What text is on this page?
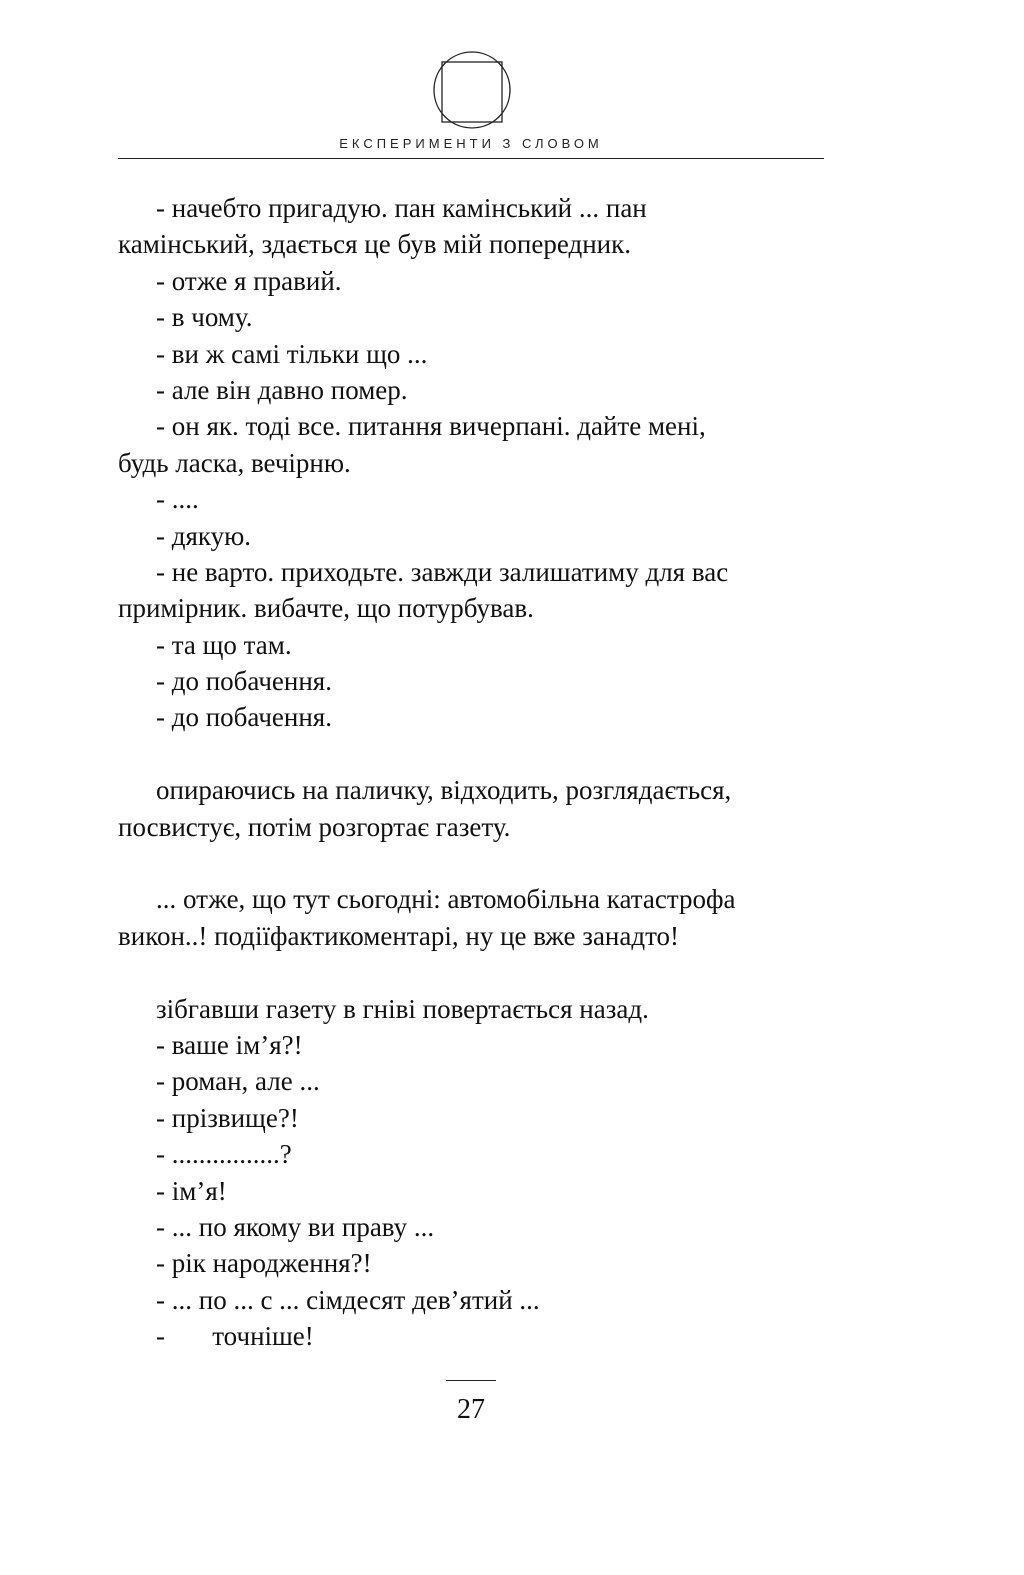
ЕКСПЕРИМЕНТИ З СЛОВОМ
- начебто пригадую. пан камінський ... пан
камінський, здається це був мій попередник.
- отже я правий.
- в чому.
- ви ж самі тільки що ...
- але він давно помер.
- он як. тоді все. питання вичерпані. дайте мені,
будь ласка, вечірню.
- ....
- дякую.
- не варто. приходьте. завжди залишатиму для вас
примірник. вибачте, що потурбував.
- та що там.
- до побачення.
- до побачення.
опираючись на паличку, відходить, розглядається,
посвистує, потім розгортає газету.
... отже, що тут сьогодні: автомобільна катастрофа
викон..! подіїфактикоментарі, ну це вже занадто!
зібгавши газету в гніві повертається назад.
- ваше ім’я?!
- роман, але ...
- прізвище?!
- ................?
- ім’я!
- ... по якому ви праву ...
- рік народження?!
- ... по ... с ... сімдесят дев’ятий ...
-       точніше!
27
